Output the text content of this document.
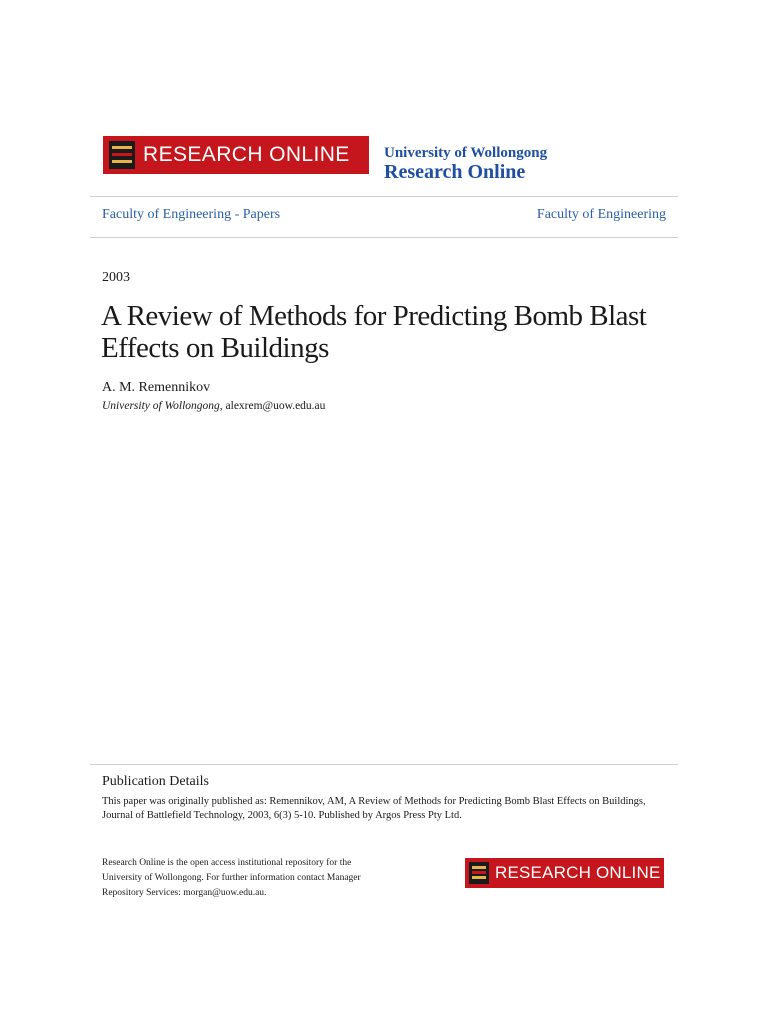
RESEARCH ONLINE University of Wollongong
Research Online
Faculty of Engineering - Papers	Faculty of Engineering
2003
A Review of Methods for Predicting Bomb Blast Effects on Buildings
A. M. Remennikov
University of Wollongong, alexrem@uow.edu.au
Publication Details
This paper was originally published as: Remennikov, AM, A Review of Methods for Predicting Bomb Blast Effects on Buildings, Journal of Battlefield Technology, 2003, 6(3) 5-10. Published by Argos Press Pty Ltd.
Research Online is the open access institutional repository for the University of Wollongong. For further information contact Manager Repository Services: morgan@uow.edu.au.
RESEARCH ONLINE
